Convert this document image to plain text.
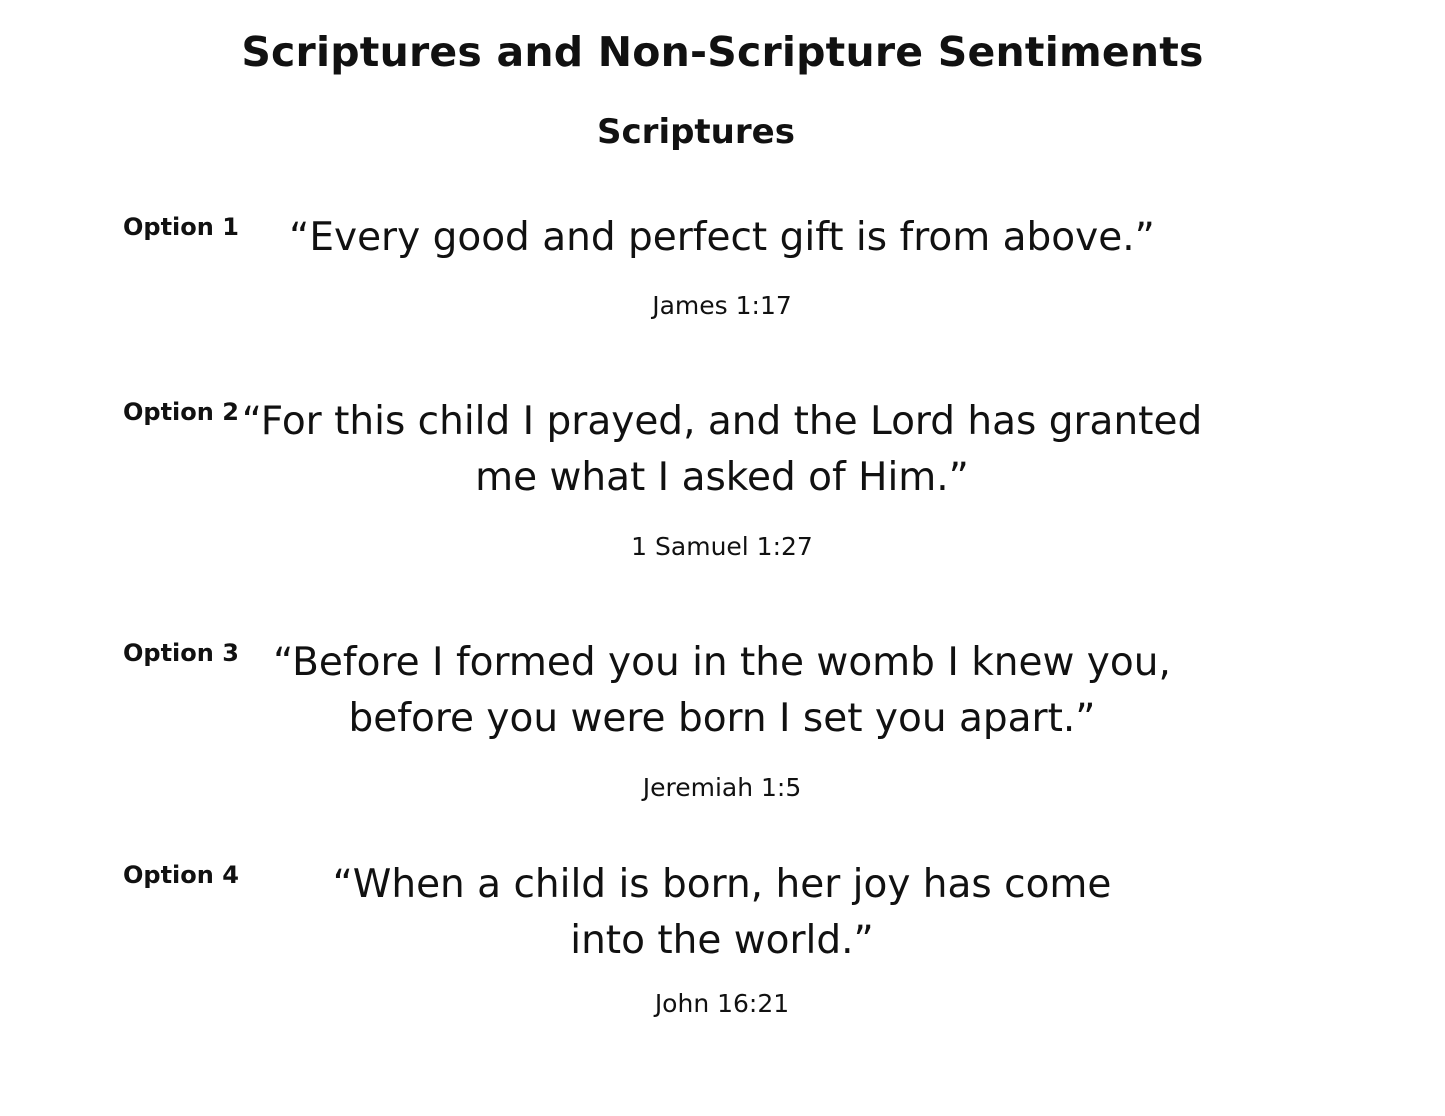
Scriptures and Non-Scripture Sentiments
Scriptures
Option 1	“Every good and perfect gift is from above.”

James 1:17
Option 2 “For this child I prayed, and the Lord has granted
me what I asked of Him.”

1 Samuel 1:27
Option 3 “Before I formed you in the womb I knew you,
before you were born I set you apart.”

Jeremiah 1:5
Option 4	“When a child is born, her joy has come
into the world.”

John 16:21
